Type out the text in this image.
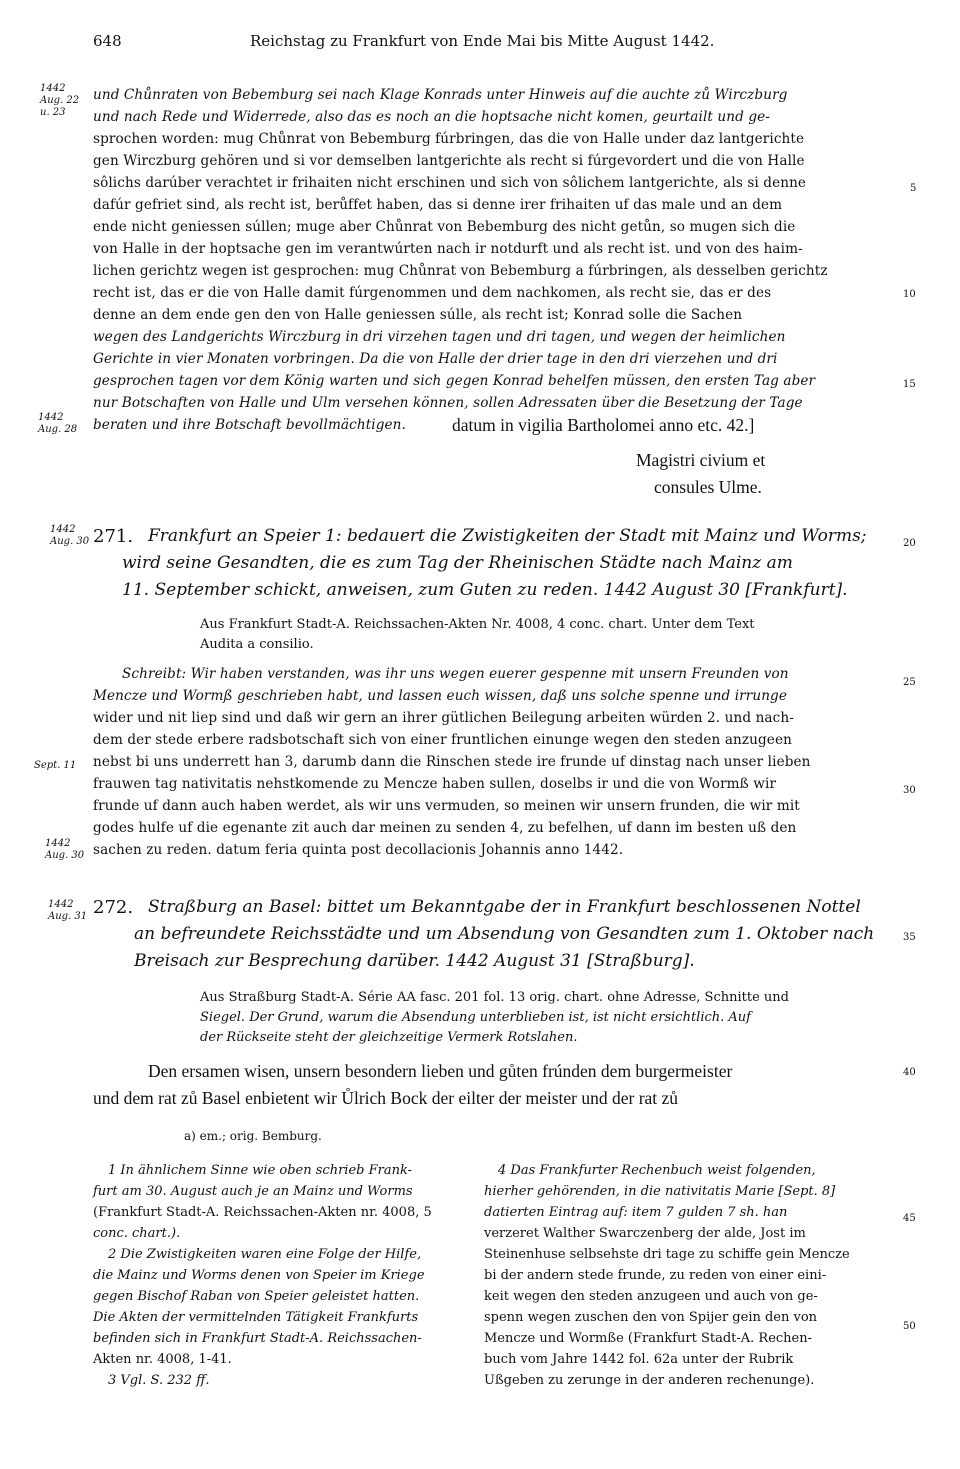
648	Reichstag zu Frankfurt von Ende Mai bis Mitte August 1442.
1442
Aug. 22
u. 23
1442
Aug. 28
1442
Aug. 30
Sept. 11
1442
Aug. 30
1442
Aug. 31
5
10
15
20
25
30
35
40
45
50
und Chůnraten von Bebemburg sei nach Klage Konrads unter Hinweis auf die auchte zů Wirczburg
und nach Rede und Widerrede, also das es noch an die hoptsache nicht komen, geurtailt und ge-
sprochen worden: mug Chůnrat von Bebemburg fúrbringen, das die von Halle under daz lantgerichte
gen Wirczburg gehören und si vor demselben lantgerichte als recht si fúrgevordert und die von Halle
sôlichs darúber verachtet ir frihaiten nicht erschinen und sich von sôlichem lantgerichte, als si denne
dafúr gefriet sind, als recht ist, berůffet haben, das si denne irer frihaiten uf das male und an dem
ende nicht geniessen súllen; muge aber Chůnrat von Bebemburg des nicht getůn, so mugen sich die
von Halle in der hoptsache gen im verantwúrten nach ir notdurft und als recht ist. und von des haim-
lichen gerichtz wegen ist gesprochen: mug Chůnrat von Bebemburg a fúrbringen, als desselben gerichtz
recht ist, das er die von Halle damit fúrgenommen und dem nachkomen, als recht sie, das er des
denne an dem ende gen den von Halle geniessen súlle, als recht ist; Konrad solle die Sachen
wegen des Landgerichts Wirczburg in dri virzehen tagen und dri tagen, und wegen der heimlichen
Gerichte in vier Monaten vorbringen. Da die von Halle der drier tage in den dri vierzehen und dri
gesprochen tagen vor dem König warten und sich gegen Konrad behelfen müssen, den ersten Tag aber
nur Botschaften von Halle und Ulm versehen können, sollen Adressaten über die Besetzung der Tage
beraten und ihre Botschaft bevollmächtigen.	datum in vigilia Bartholomei anno etc. 42.]
Magistri civium et
consules Ulme.
271. Frankfurt an Speier 1: bedauert die Zwistigkeiten der Stadt mit Mainz und Worms;
wird seine Gesandten, die es zum Tag der Rheinischen Städte nach Mainz am
11. September schickt, anweisen, zum Guten zu reden. 1442 August 30 [Frankfurt].
Aus Frankfurt Stadt-A. Reichssachen-Akten Nr. 4008, 4 conc. chart. Unter dem Text
Audita a consilio.
Schreibt: Wir haben verstanden, was ihr uns wegen euerer gespenne mit unsern Freunden von
Mencze und Wormß geschrieben habt, und lassen euch wissen, daß uns solche spenne und irrunge
wider und nit liep sind und daß wir gern an ihrer gütlichen Beilegung arbeiten würden 2. und nach-
dem der stede erbere radsbotschaft sich von einer fruntlichen einunge wegen den steden anzugeen
nebst bi uns underrett han 3, darumb dann die Rinschen stede ire frunde uf dinstag nach unser lieben
frauwen tag nativitatis nehstkomende zu Mencze haben sullen, doselbs ir und die von Wormß wir
frunde uf dann auch haben werdet, als wir uns vermuden, so meinen wir unsern frunden, die wir mit
godes hulfe uf die egenante zit auch dar meinen zu senden 4, zu befelhen, uf dann im besten uß den
sachen zu reden. datum feria quinta post decollacionis Johannis anno 1442.
272. Straßburg an Basel: bittet um Bekanntgabe der in Frankfurt beschlossenen Nottel
an befreundete Reichsstädte und um Absendung von Gesandten zum 1. Oktober nach
Breisach zur Besprechung darüber. 1442 August 31 [Straßburg].
Aus Straßburg Stadt-A. Série AA fasc. 201 fol. 13 orig. chart. ohne Adresse, Schnitte und
Siegel. Der Grund, warum die Absendung unterblieben ist, ist nicht ersichtlich. Auf
der Rückseite steht der gleichzeitige Vermerk Rotslahen.
Den ersamen wisen, unsern besondern lieben und gůten frúnden dem burgermeister
und dem rat zů Basel enbietent wir Ůlrich Bock der eilter der meister und der rat zů
a) em.; orig. Bemburg.
1 In ähnlichem Sinne wie oben schrieb Frank-
furt am 30. August auch je an Mainz und Worms
(Frankfurt Stadt-A. Reichssachen-Akten nr. 4008, 5
conc. chart.).
2 Die Zwistigkeiten waren eine Folge der Hilfe,
die Mainz und Worms denen von Speier im Kriege
gegen Bischof Raban von Speier geleistet hatten.
Die Akten der vermittelnden Tätigkeit Frankfurts
befinden sich in Frankfurt Stadt-A. Reichssachen-
Akten nr. 4008, 1-41.
3 Vgl. S. 232 ff.
4 Das Frankfurter Rechenbuch weist folgenden,
hierher gehörenden, in die nativitatis Marie [Sept. 8]
datierten Eintrag auf: item 7 gulden 7 sh. han
verzeret Walther Swarczenberg der alde, Jost im
Steinenhuse selbsehste dri tage zu schiffe gein Mencze
bi der andern stede frunde, zu reden von einer eini-
keit wegen den steden anzugeen und auch von ge-
spenn wegen zuschen den von Spijer gein den von
Mencze und Wormße (Frankfurt Stadt-A. Rechen-
buch vom Jahre 1442 fol. 62a unter der Rubrik
Ußgeben zu zerunge in der anderen rechenunge).
